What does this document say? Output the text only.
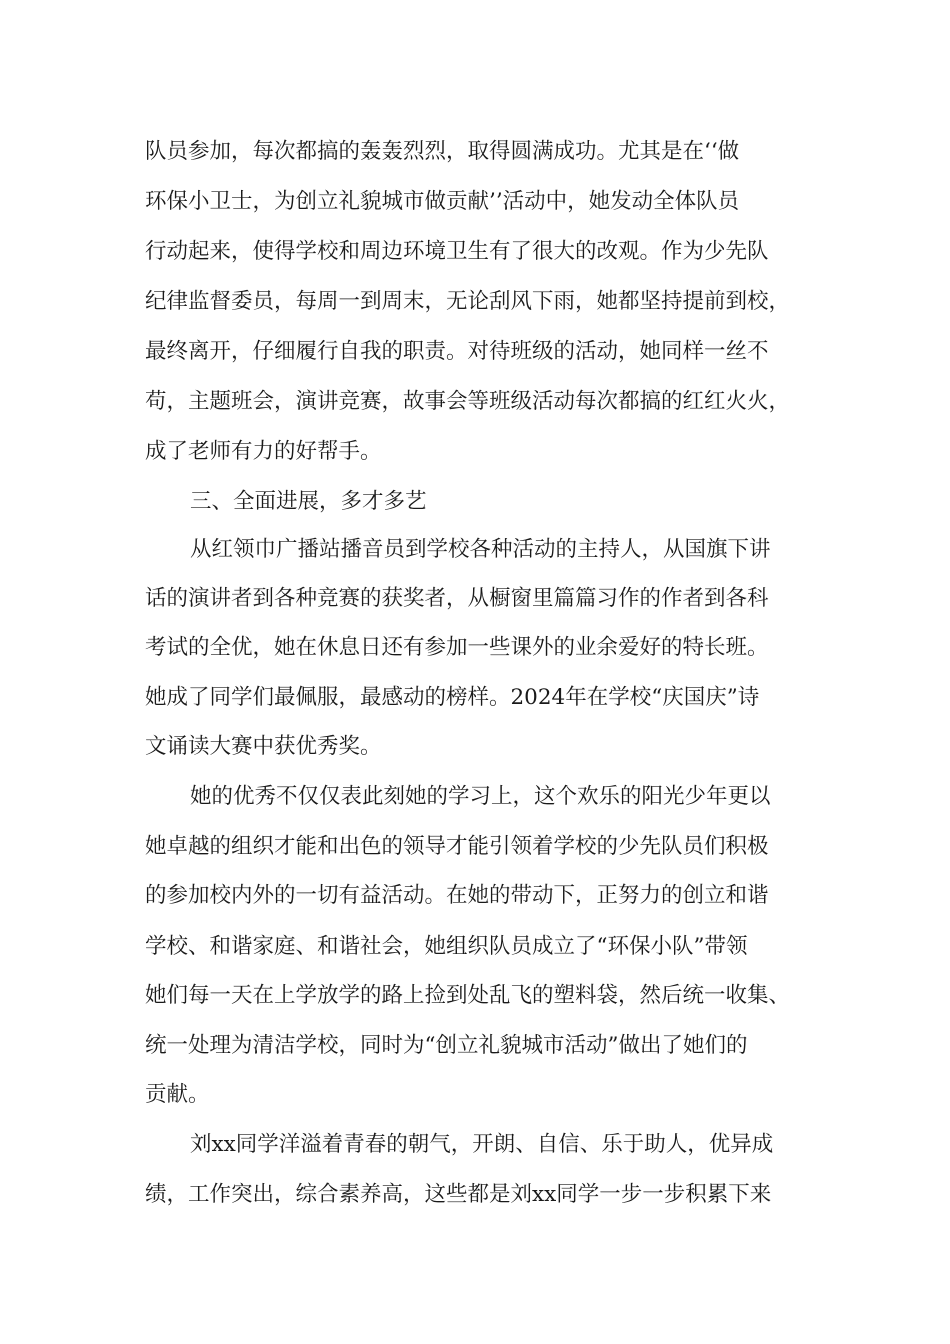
队员参加，每次都搞的轰轰烈烈，取得圆满成功。尤其是在‘‘做
环保小卫士，为创立礼貌城市做贡献’’活动中，她发动全体队员
行动起来，使得学校和周边环境卫生有了很大的改观。作为少先队
纪律监督委员，每周一到周末，无论刮风下雨，她都坚持提前到校，
最终离开，仔细履行自我的职责。对待班级的活动，她同样一丝不
苟，主题班会，演讲竞赛，故事会等班级活动每次都搞的红红火火，
成了老师有力的好帮手。
三、全面进展，多才多艺
从红领巾广播站播音员到学校各种活动的主持人，从国旗下讲
话的演讲者到各种竞赛的获奖者，从橱窗里篇篇习作的作者到各科
考试的全优，她在休息日还有参加一些课外的业余爱好的特长班。
她成了同学们最佩服，最感动的榜样。2024年在学校“庆国庆”诗
文诵读大赛中获优秀奖。
她的优秀不仅仅表此刻她的学习上，这个欢乐的阳光少年更以
她卓越的组织才能和出色的领导才能引领着学校的少先队员们积极
的参加校内外的一切有益活动。在她的带动下，正努力的创立和谐
学校、和谐家庭、和谐社会，她组织队员成立了“环保小队”带领
她们每一天在上学放学的路上捡到处乱飞的塑料袋，然后统一收集、
统一处理为清洁学校，同时为“创立礼貌城市活动”做出了她们的
贡献。
刘xx同学洋溢着青春的朝气，开朗、自信、乐于助人，优异成
绩，工作突出，综合素养高，这些都是刘xx同学一步一步积累下来
